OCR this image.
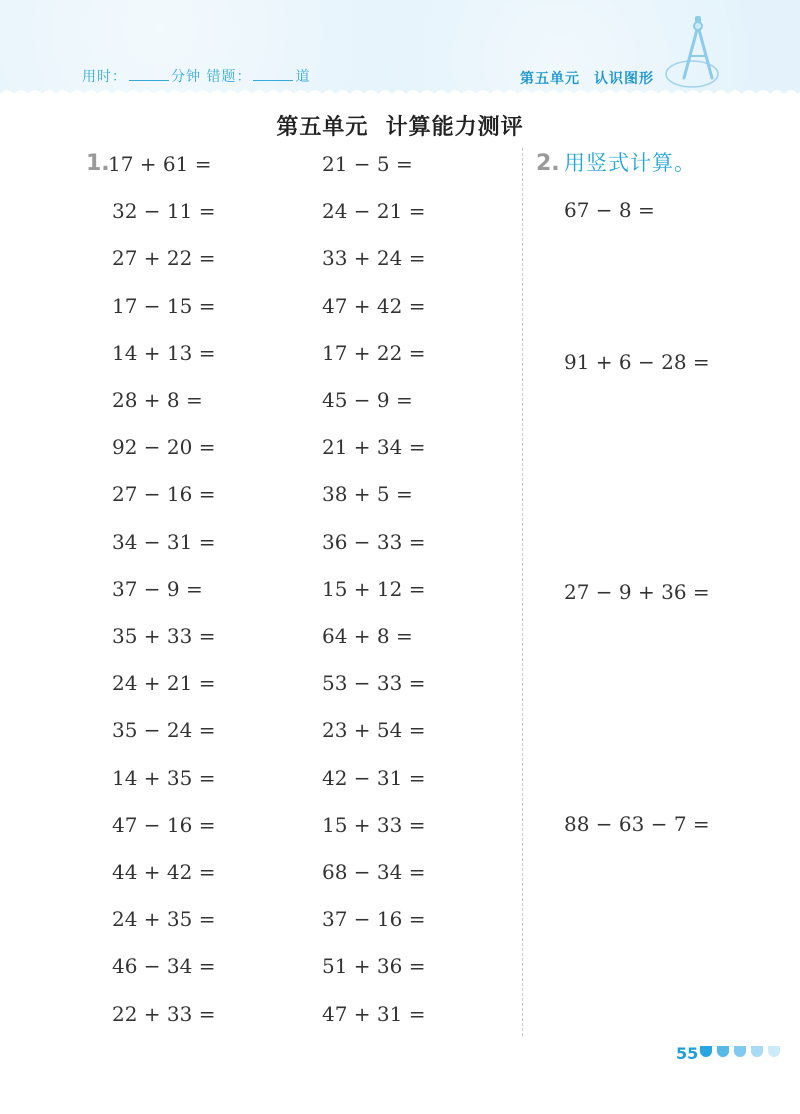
用时：	分钟 错题：	道	第五单元 认识图形
第五单元  计算能力测评
1.
17 + 61 =
32 − 11 =
27 + 22 =
17 − 15 =
14 + 13 =
28 + 8 =
92 − 20 =
27 − 16 =
34 − 31 =
37 − 9 =
35 + 33 =
24 + 21 =
35 − 24 =
14 + 35 =
47 − 16 =
44 + 42 =
24 + 35 =
46 − 34 =
22 + 33 =
21 − 5 =
24 − 21 =
33 + 24 =
47 + 42 =
17 + 22 =
45 − 9 =
21 + 34 =
38 + 5 =
36 − 33 =
15 + 12 =
64 + 8 =
53 − 33 =
23 + 54 =
42 − 31 =
15 + 33 =
68 − 34 =
37 − 16 =
51 + 36 =
47 + 31 =
2. 用竖式计算。
67 − 8 =
91 + 6 − 28 =
27 − 9 + 36 =
88 − 63 − 7 =
55
